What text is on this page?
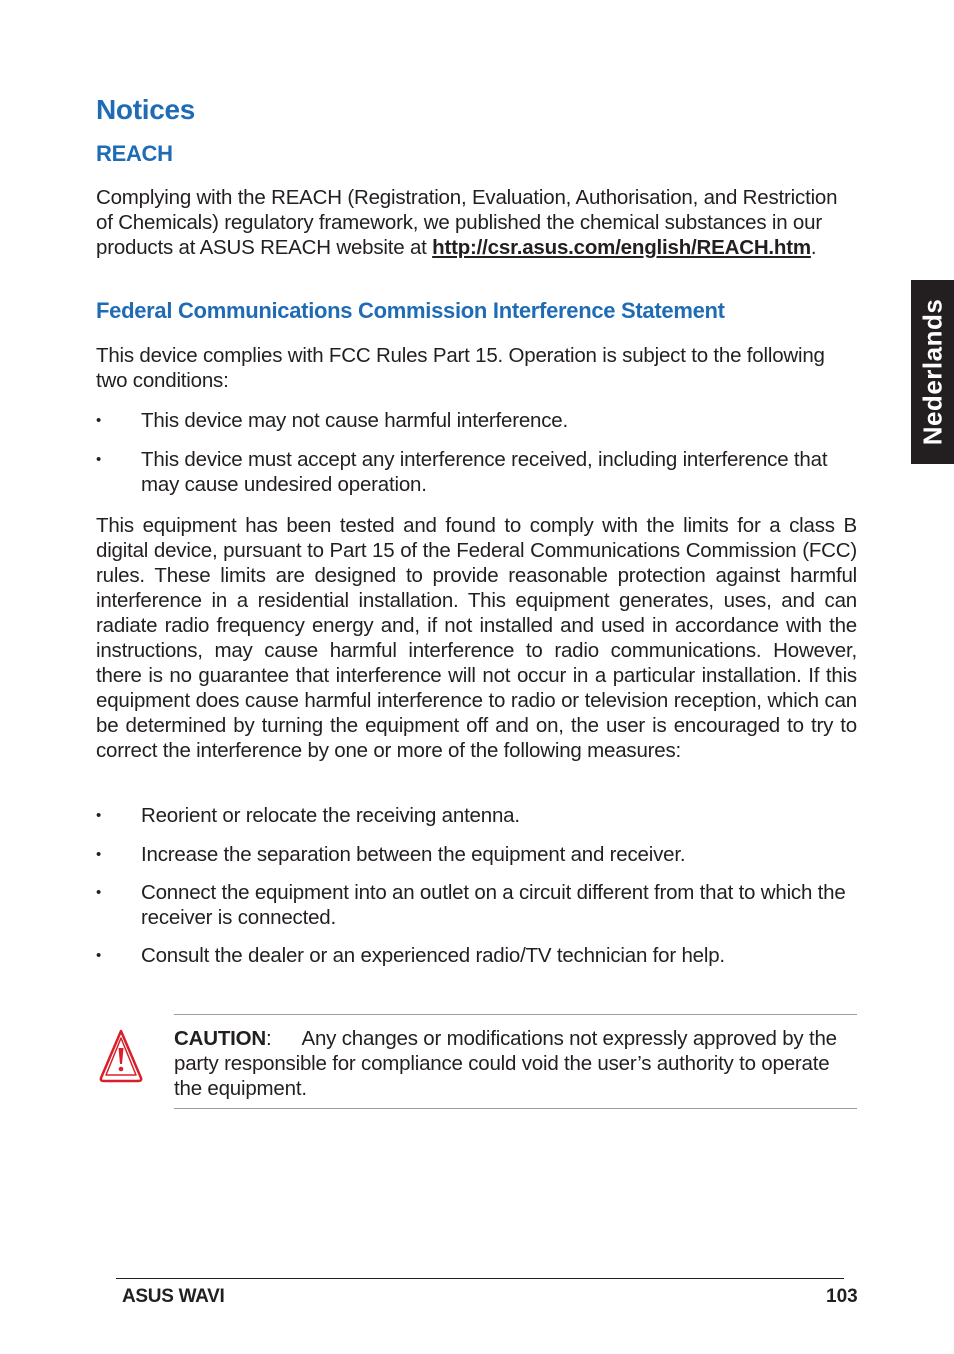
Notices
REACH

Complying with the REACH (Registration, Evaluation, Authorisation, and Restriction of Chemicals) regulatory framework, we published the chemical substances in our products at ASUS REACH website at http://csr.asus.com/english/REACH.htm.

Federal Communications Commission Interference Statement

This device complies with FCC Rules Part 15. Operation is subject to the following two conditions:

• This device may not cause harmful interference.
• This device must accept any interference received, including interference that may cause undesired operation.

This equipment has been tested and found to comply with the limits for a class B digital device, pursuant to Part 15 of the Federal Communications Commission (FCC) rules. These limits are designed to provide reasonable protection against harmful interference in a residential installation. This equipment generates, uses, and can radiate radio frequency energy and, if not installed and used in accordance with the instructions, may cause harmful interference to radio communications. However, there is no guarantee that interference will not occur in a particular installation. If this equipment does cause harmful interference to radio or television reception, which can be determined by turning the equipment off and on, the user is encouraged to try to correct the interference by one or more of the following measures:

• Reorient or relocate the receiving antenna.
• Increase the separation between the equipment and receiver.
• Connect the equipment into an outlet on a circuit different from that to which the receiver is connected.
• Consult the dealer or an experienced radio/TV technician for help.

CAUTION: Any changes or modifications not expressly approved by the party responsible for compliance could void the user’s authority to operate the equipment.

Nederlands
ASUS WAVI	103
